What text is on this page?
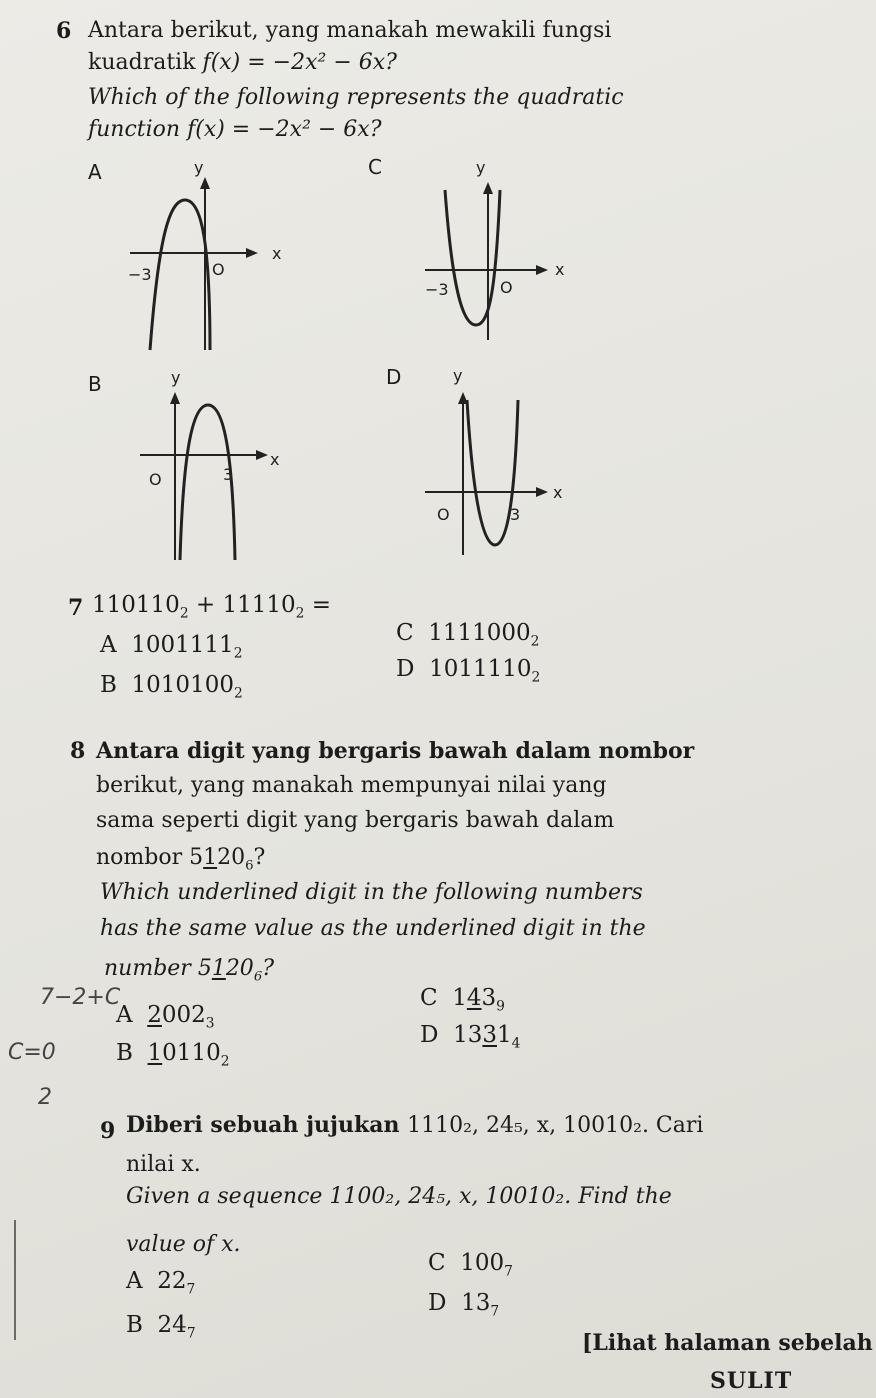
6 Antara berikut, yang manakah mewakili fungsi
kuadratik f(x) = −2x² − 6x?
Which of the following represents the quadratic
function f(x) = −2x² − 6x?
A
x
y
−3	O
C
x
y
−3	O
B
x
y
O	3
D
x
y
O	3
7 $110110_2 + 11110_2$ =
A $1001111_2$
B $1010100_2$
C $1111000_2$
D $1011110_2$
8 Antara digit yang bergaris bawah dalam nombor
berikut, yang manakah mempunyai nilai yang
sama seperti digit yang bergaris bawah dalam
nombor $5120_6$?
Which underlined digit in the following numbers
has the same value as the underlined digit in the
number $5120_6$?
A $2002_3$
B $10110_2$
C $143_9$
D $1331_4$
7−2+C
C=0
2
9 Diberi sebuah jujukan 1110₂, 24₅, x, 10010₂. Cari
nilai x.
Given a sequence 1100₂, 24₅, x, 10010₂. Find the
value of x.
A $22_7$
B $24_7$
C $100_7$
D $13_7$
[Lihat halaman sebelah
SULIT
